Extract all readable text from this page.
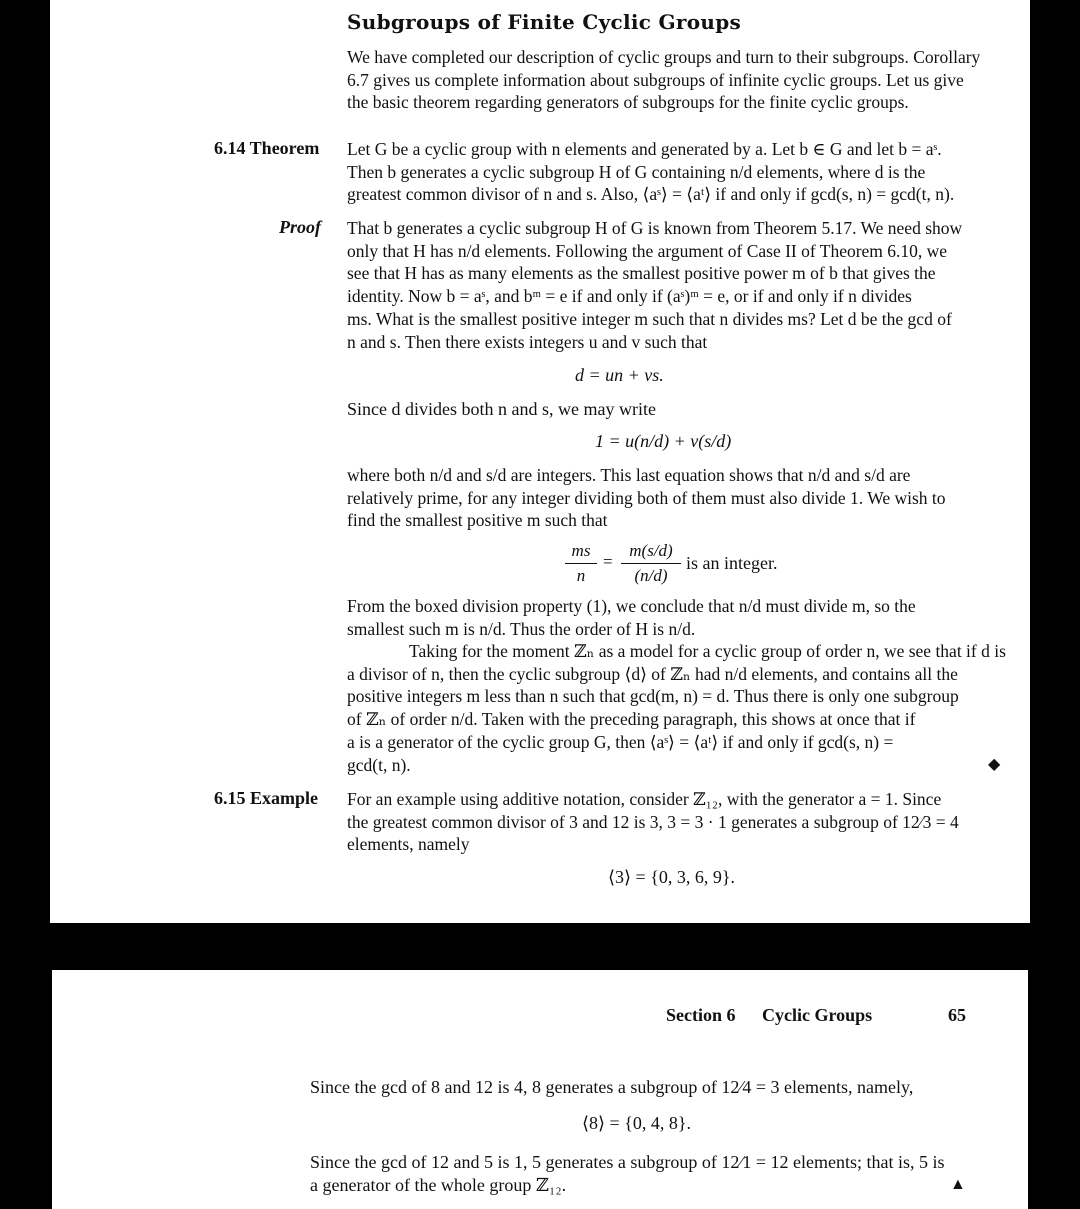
Subgroups of Finite Cyclic Groups
We have completed our description of cyclic groups and turn to their subgroups. Corollary
6.7 gives us complete information about subgroups of infinite cyclic groups. Let us give
the basic theorem regarding generators of subgroups for the finite cyclic groups.
6.14 Theorem Let G be a cyclic group with n elements and generated by a. Let b ∈ G and let b = aˢ.
Then b generates a cyclic subgroup H of G containing n/d elements, where d is the
greatest common divisor of n and s. Also, ⟨aˢ⟩ = ⟨aᵗ⟩ if and only if gcd(s, n) = gcd(t, n).
Proof That b generates a cyclic subgroup H of G is known from Theorem 5.17. We need show
only that H has n/d elements. Following the argument of Case II of Theorem 6.10, we
see that H has as many elements as the smallest positive power m of b that gives the
identity. Now b = aˢ, and bᵐ = e if and only if (aˢ)ᵐ = e, or if and only if n divides
ms. What is the smallest positive integer m such that n divides ms? Let d be the gcd of
n and s. Then there exists integers u and v such that
d = un + vs.
Since d divides both n and s, we may write
1 = u(n/d) + v(s/d)
where both n/d and s/d are integers. This last equation shows that n/d and s/d are
relatively prime, for any integer dividing both of them must also divide 1. We wish to
find the smallest positive m such that
ms
n
=
m(s/d)
(n/d)
is an integer.
From the boxed division property (1), we conclude that n/d must divide m, so the
smallest such m is n/d. Thus the order of H is n/d.
Taking for the moment ℤₙ as a model for a cyclic group of order n, we see that if d is
a divisor of n, then the cyclic subgroup ⟨d⟩ of ℤₙ had n/d elements, and contains all the
positive integers m less than n such that gcd(m, n) = d. Thus there is only one subgroup
of ℤₙ of order n/d. Taken with the preceding paragraph, this shows at once that if
a is a generator of the cyclic group G, then ⟨aˢ⟩ = ⟨aᵗ⟩ if and only if gcd(s, n) =
gcd(t, n).	◆
6.15 Example For an example using additive notation, consider ℤ₁₂, with the generator a = 1. Since
the greatest common divisor of 3 and 12 is 3, 3 = 3 · 1 generates a subgroup of 12⁄3 = 4
elements, namely
⟨3⟩ = {0, 3, 6, 9}.
Section 6 Cyclic Groups	65
Since the gcd of 8 and 12 is 4, 8 generates a subgroup of 12⁄4 = 3 elements, namely,
⟨8⟩ = {0, 4, 8}.
Since the gcd of 12 and 5 is 1, 5 generates a subgroup of 12⁄1 = 12 elements; that is, 5 is
a generator of the whole group ℤ₁₂.	▲
